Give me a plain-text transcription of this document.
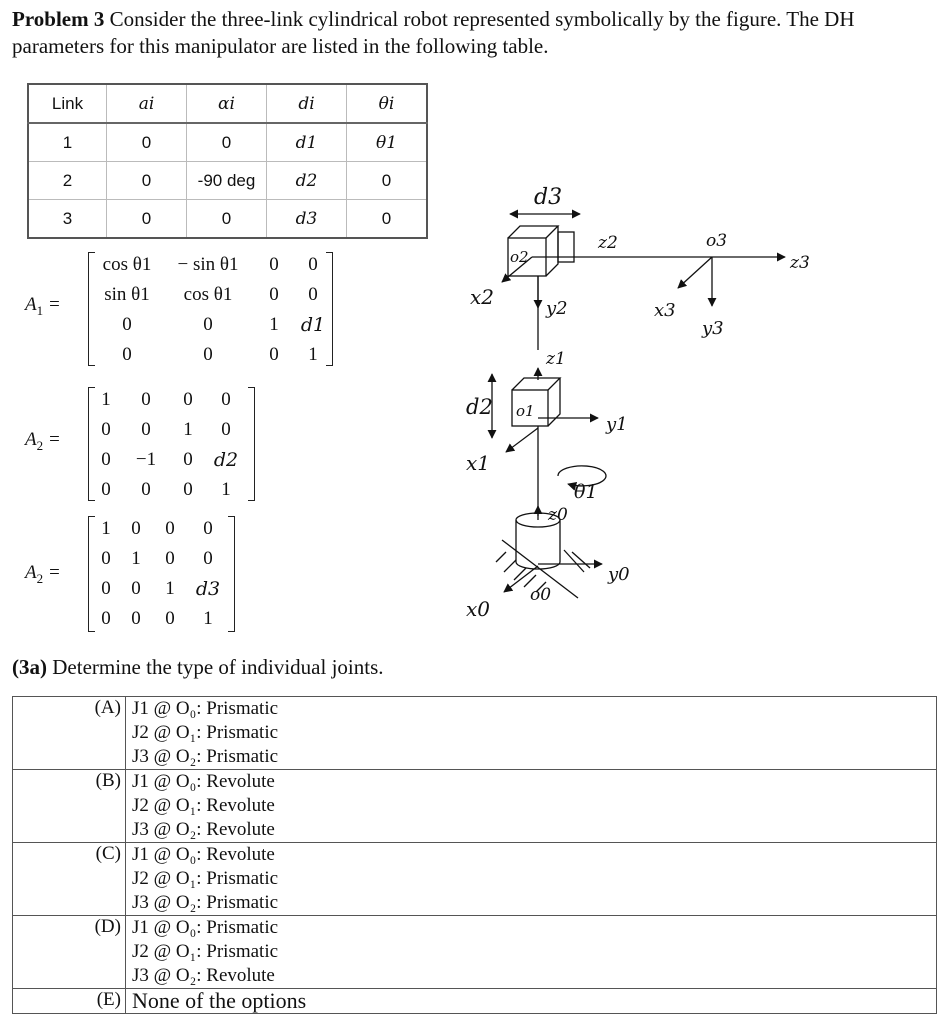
Problem 3 Consider the three-link cylindrical robot represented symbolically by the figure. The DH parameters for this manipulator are listed in the following table.
Link	ai	αi	di	θi
1	0	0	d1	θ1
2	0	-90 deg	d2	0
3	0	0	d3	0
$A_1$ =
cos θ1	− sin θ1	0	0
sin θ1	cos θ1	0	0
0	0	1	d1
0	0	0	1
$A_2$ =
1	0	0	0
0	0	1	0
0	−1	0	d2
0	0	0	1
$A_2$ =
1	0	0	0
0	1	0	0
0	0	1	d3
0	0	0	1
d3
z2	o3
z3
o2
x2	y2	x3
y3
z1
d2 o1
y1
x1
θ1
z0
y0
x0
o0
(3a) Determine the type of individual joints.
(A)	J1 @ O₀: Prismatic
J2 @ O₁: Prismatic
J3 @ O₂: Prismatic

(B)	J1 @ O₀: Revolute
J2 @ O₁: Revolute
J3 @ O₂: Revolute

(C)	J1 @ O₀: Revolute
J2 @ O₁: Prismatic
J3 @ O₂: Prismatic

(D)	J1 @ O₀: Prismatic
J2 @ O₁: Prismatic
J3 @ O₂: Revolute

(E)	None of the options
